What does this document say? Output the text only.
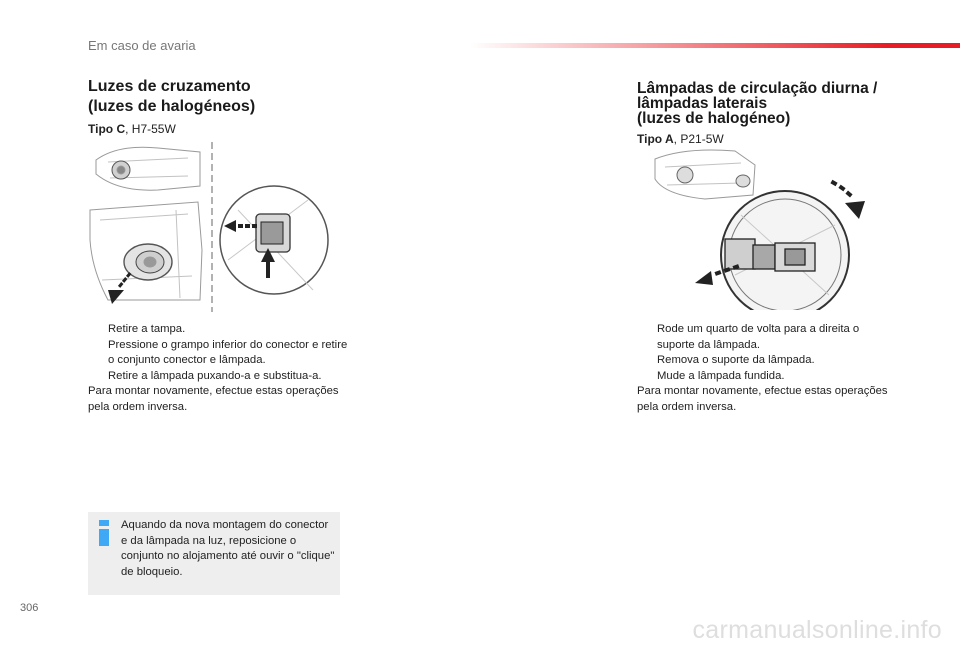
Em caso de avaria
Luzes de cruzamento
(luzes de halogéneos)
Tipo C, H7-55W
Retire a tampa.
Pressione o grampo inferior do conector e retire o conjunto conector e lâmpada.
Retire a lâmpada puxando-a e substitua-a.
Para montar novamente, efectue estas operações pela ordem inversa.
Aquando da nova montagem do conector e da lâmpada na luz, reposicione o conjunto no alojamento até ouvir o "clique" de bloqueio.
Lâmpadas de circulação diurna /
lâmpadas laterais
(luzes de halogéneo)
Tipo A, P21-5W
Rode um quarto de volta para a direita o suporte da lâmpada.
Remova o suporte da lâmpada.
Mude a lâmpada fundida.
Para montar novamente, efectue estas operações pela ordem inversa.
306
carmanualsonline.info
